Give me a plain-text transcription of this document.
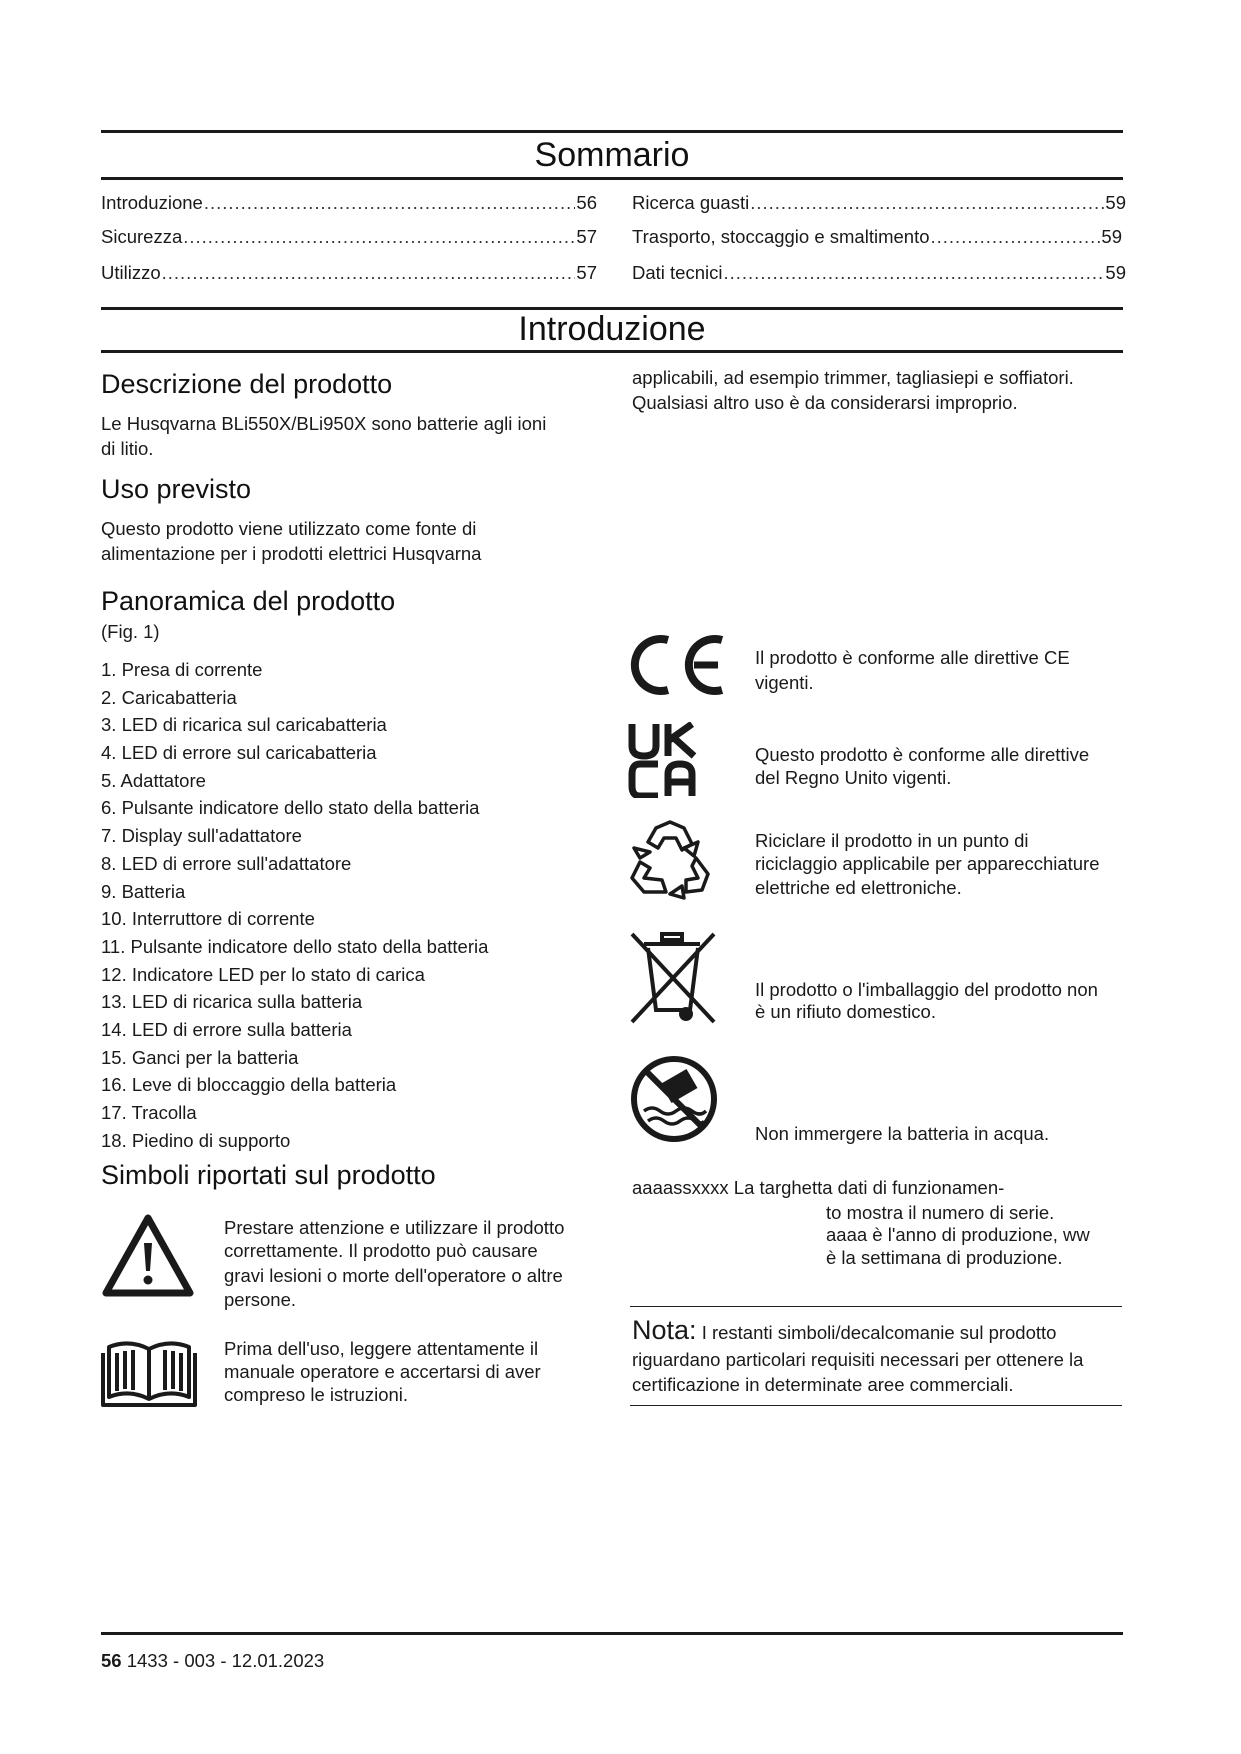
Sommario
Introduzione .....	56
Sicurezza .....	57
Utilizzo .....	57
Ricerca guasti .....	59
Trasporto, stoccaggio e smaltimento .....	59
Dati tecnici .....	59
Introduzione
Descrizione del prodotto
Le Husqvarna BLi550X/BLi950X sono batterie agli ioni
di litio.
Uso previsto
Questo prodotto viene utilizzato come fonte di
alimentazione per i prodotti elettrici Husqvarna
Panoramica del prodotto
(Fig. 1)
1. Presa di corrente
2. Caricabatteria
3. LED di ricarica sul caricabatteria
4. LED di errore sul caricabatteria
5. Adattatore
6. Pulsante indicatore dello stato della batteria
7. Display sull'adattatore
8. LED di errore sull'adattatore
9. Batteria
10. Interruttore di corrente
11. Pulsante indicatore dello stato della batteria
12. Indicatore LED per lo stato di carica
13. LED di ricarica sulla batteria
14. LED di errore sulla batteria
15. Ganci per la batteria
16. Leve di bloccaggio della batteria
17. Tracolla
18. Piedino di supporto
Simboli riportati sul prodotto
Prestare attenzione e utilizzare il prodotto
correttamente. Il prodotto può causare
gravi lesioni o morte dell'operatore o altre
persone.
Prima dell'uso, leggere attentamente il
manuale operatore e accertarsi di aver
compreso le istruzioni.
applicabili, ad esempio trimmer, tagliasiepi e soffiatori.
Qualsiasi altro uso è da considerarsi improprio.
Il prodotto è conforme alle direttive CE
vigenti.
Questo prodotto è conforme alle direttive
del Regno Unito vigenti.
Riciclare il prodotto in un punto di
riciclaggio applicabile per apparecchiature
elettriche ed elettroniche.
Il prodotto o l'imballaggio del prodotto non
è un rifiuto domestico.
Non immergere la batteria in acqua.
aaaassxxxx La targhetta dati di funzionamen-
to mostra il numero di serie.
aaaa è l'anno di produzione, ww
è la settimana di produzione.
Nota: I restanti simboli/decalcomanie sul prodotto
riguardano particolari requisiti necessari per ottenere la
certificazione in determinate aree commerciali.
56 1433 - 003 - 12.01.2023
